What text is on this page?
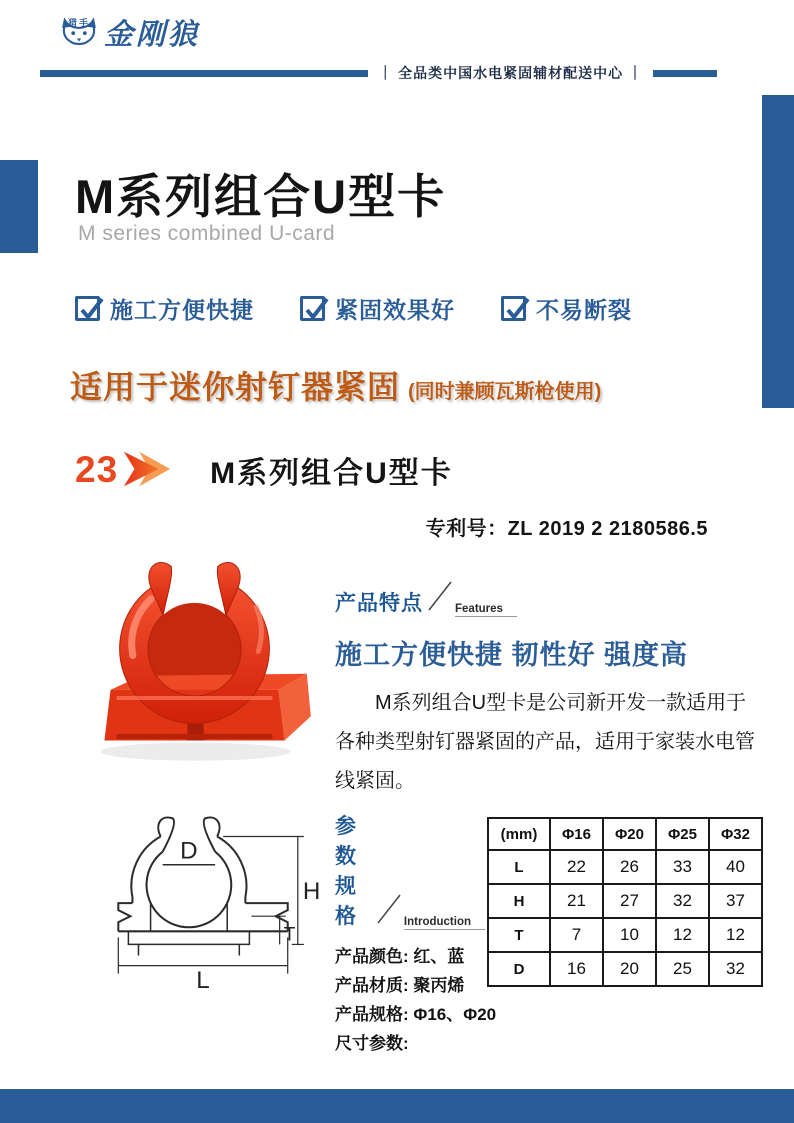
猎手 金刚狼
｜ 全品类中国水电紧固辅材配送中心 ｜
M系列组合U型卡
M series combined U-card
施工方便快捷	紧固效果好	不易断裂
适用于迷你射钉器紧固 (同时兼顾瓦斯枪使用)
23	M系列组合U型卡
专利号：ZL 2019 2 2180586.5
产品特点	Features
施工方便快捷 韧性好 强度高

M系列组合U型卡是公司新开发一款适用于各种类型射钉器紧固的产品，适用于家装水电管线紧固。

D
H
T
L
参数规格	Introduction
产品颜色: 红、蓝
产品材质: 聚丙烯
产品规格: Φ16、Φ20
尺寸参数:
(mm)	Φ16	Φ20	Φ25	Φ32
L	22	26	33	40
H	21	27	32	37
T	7	10	12	12
D	16	20	25	32
